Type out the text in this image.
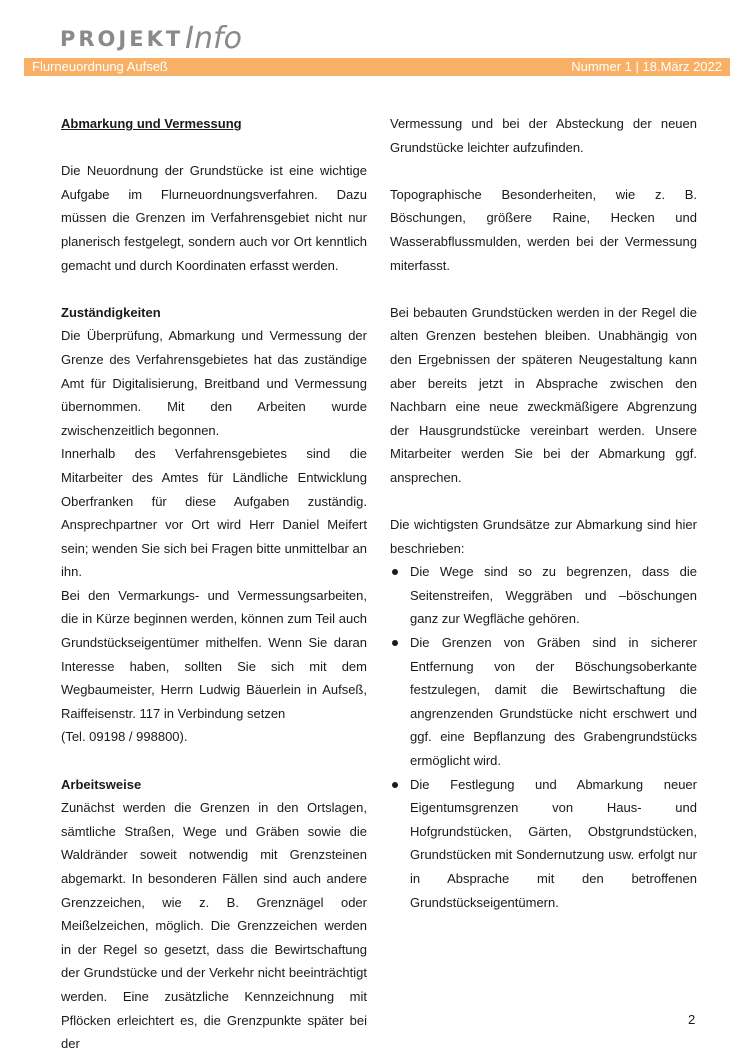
PROJEKT Info
Flurneuordnung Aufseß	Nummer 1 | 18.März 2022

Abmarkung und Vermessung

Die Neuordnung der Grundstücke ist eine wichtige Aufgabe im Flurneuordnungsverfahren. Dazu müssen die Grenzen im Verfahrensgebiet nicht nur planerisch festgelegt, sondern auch vor Ort kenntlich gemacht und durch Koordinaten erfasst werden.

Zuständigkeiten

Die Überprüfung, Abmarkung und Vermessung der Grenze des Verfahrensgebietes hat das zuständige Amt für Digitalisierung, Breitband und Vermessung übernommen. Mit den Arbeiten wurde zwischenzeitlich begonnen.

Innerhalb des Verfahrensgebietes sind die Mitarbeiter des Amtes für Ländliche Entwicklung Oberfranken für diese Aufgaben zuständig. Ansprechpartner vor Ort wird Herr Daniel Meifert sein; wenden Sie sich bei Fragen bitte unmittelbar an ihn.

Bei den Vermarkungs- und Vermessungsarbeiten, die in Kürze beginnen werden, können zum Teil auch Grundstückseigentümer mithelfen. Wenn Sie daran Interesse haben, sollten Sie sich mit dem Wegbaumeister, Herrn Ludwig Bäuerlein in Aufseß, Raiffeisenstr. 117 in Verbindung setzen

(Tel. 09198 / 998800).

Arbeitsweise

Zunächst werden die Grenzen in den Ortslagen, sämtliche Straßen, Wege und Gräben sowie die Waldränder soweit notwendig mit Grenzsteinen abgemarkt. In besonderen Fällen sind auch andere Grenzzeichen, wie z. B. Grenznägel oder Meißelzeichen, möglich. Die Grenzzeichen werden in der Regel so gesetzt, dass die Bewirtschaftung der Grundstücke und der Verkehr nicht beeinträchtigt werden. Eine zusätzliche Kennzeichnung mit Pflöcken erleichtert es, die Grenzpunkte später bei der

Vermessung und bei der Absteckung der neuen Grundstücke leichter aufzufinden.

Topographische Besonderheiten, wie z. B. Böschungen, größere Raine, Hecken und Wasserabflussmulden, werden bei der Vermessung miterfasst.

Bei bebauten Grundstücken werden in der Regel die alten Grenzen bestehen bleiben. Unabhängig von den Ergebnissen der späteren Neugestaltung kann aber bereits jetzt in Absprache zwischen den Nachbarn eine neue zweckmäßigere Abgrenzung der Hausgrundstücke vereinbart werden. Unsere Mitarbeiter werden Sie bei der Abmarkung ggf. ansprechen.

Die wichtigsten Grundsätze zur Abmarkung sind hier beschrieben:

Die Wege sind so zu begrenzen, dass die Seitenstreifen, Weggräben und –böschungen ganz zur Wegfläche gehören.
Die Grenzen von Gräben sind in sicherer Entfernung von der Böschungsoberkante festzulegen, damit die Bewirtschaftung die angrenzenden Grundstücke nicht erschwert und ggf. eine Bepflanzung des Grabengrundstücks ermöglicht wird.
Die Festlegung und Abmarkung neuer Eigentumsgrenzen von Haus- und Hofgrundstücken, Gärten, Obstgrundstücken, Grundstücken mit Sondernutzung usw. erfolgt nur in Absprache mit den betroffenen Grundstückseigentümern.
2
